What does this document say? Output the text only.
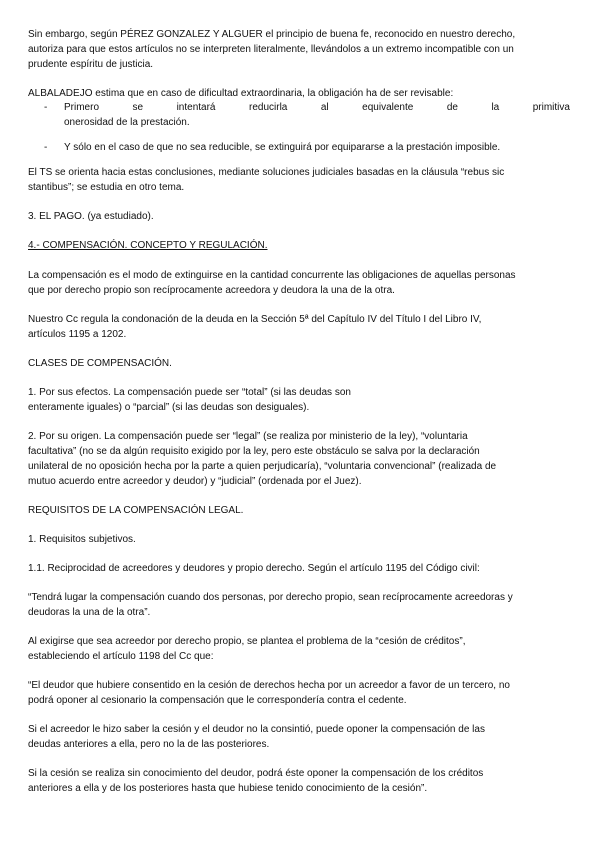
Sin embargo, según PÉREZ GONZALEZ Y ALGUER el principio de buena fe, reconocido en nuestro derecho,
autoriza para que estos artículos no se interpreten literalmente, llevándolos a un extremo incompatible con un
prudente espíritu de justicia.

ALBALADEJO estima que en caso de dificultad extraordinaria, la obligación ha de ser revisable:

- Primero	se	intentará	reducirla	al	equivalente	de	la	primitiva
onerosidad de la prestación.
-	Y sólo en el caso de que no sea reducible, se extinguirá por equipararse a la prestación imposible.

El TS se orienta hacia estas conclusiones, mediante soluciones judiciales basadas en la cláusula “rebus sic
stantibus”; se estudia en otro tema.

3. EL PAGO. (ya estudiado).

4.- COMPENSACIÓN. CONCEPTO Y REGULACIÓN.

La compensación es el modo de extinguirse en la cantidad concurrente las obligaciones de aquellas personas
que por derecho propio son recíprocamente acreedora y deudora la una de la otra.

Nuestro Cc regula la condonación de la deuda en la Sección 5ª del Capítulo IV del Título I del Libro IV,
artículos 1195 a 1202.

CLASES DE COMPENSACIÓN.

1. Por sus efectos. La compensación puede ser “total” (si las deudas son
enteramente iguales) o “parcial” (si las deudas son desiguales).

2. Por su origen. La compensación puede ser “legal” (se realiza por ministerio de la ley), “voluntaria
facultativa” (no se da algún requisito exigido por la ley, pero este obstáculo se salva por la declaración
unilateral de no oposición hecha por la parte a quien perjudicaría), “voluntaria convencional” (realizada de
mutuo acuerdo entre acreedor y deudor) y “judicial” (ordenada por el Juez).

REQUISITOS DE LA COMPENSACIÓN LEGAL.

1. Requisitos subjetivos.

1.1. Reciprocidad de acreedores y deudores y propio derecho. Según el artículo 1195 del Código civil:

“Tendrá lugar la compensación cuando dos personas, por derecho propio, sean recíprocamente acreedoras y
deudoras la una de la otra”.

Al exigirse que sea acreedor por derecho propio, se plantea el problema de la “cesión de créditos”,
estableciendo el artículo 1198 del Cc que:

“El deudor que hubiere consentido en la cesión de derechos hecha por un acreedor a favor de un tercero, no
podrá oponer al cesionario la compensación que le correspondería contra el cedente.

Si el acreedor le hizo saber la cesión y el deudor no la consintió, puede oponer la compensación de las
deudas anteriores a ella, pero no la de las posteriores.

Si la cesión se realiza sin conocimiento del deudor, podrá éste oponer la compensación de los créditos
anteriores a ella y de los posteriores hasta que hubiese tenido conocimiento de la cesión”.
